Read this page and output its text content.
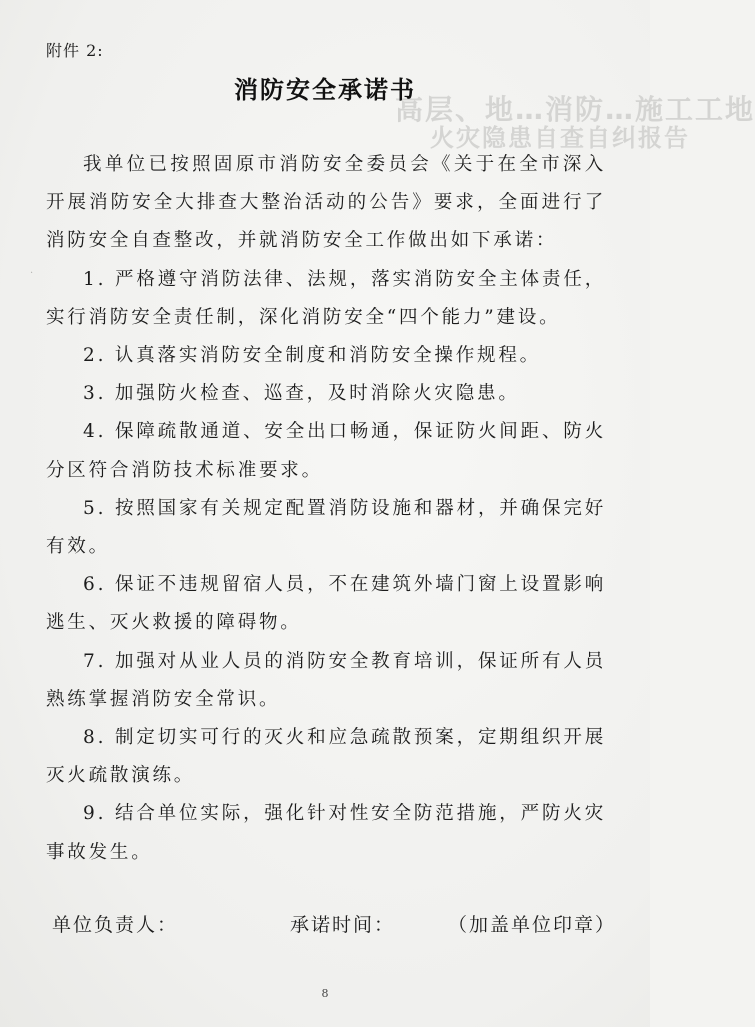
高层、地…消防…施工工地
火灾隐患自查自纠报告
附件 2:
消防安全承诺书

我单位已按照固原市消防安全委员会《关于在全市深入开展消防安全大排查大整治活动的公告》要求，全面进行了消防安全自查整改，并就消防安全工作做出如下承诺：

1. 严格遵守消防法律、法规，落实消防安全主体责任，实行消防安全责任制，深化消防安全“四个能力”建设。

2. 认真落实消防安全制度和消防安全操作规程。

3. 加强防火检查、巡查，及时消除火灾隐患。

4. 保障疏散通道、安全出口畅通，保证防火间距、防火分区符合消防技术标准要求。

5. 按照国家有关规定配置消防设施和器材，并确保完好有效。

6. 保证不违规留宿人员，不在建筑外墙门窗上设置影响逃生、灭火救援的障碍物。

7. 加强对从业人员的消防安全教育培训，保证所有人员熟练掌握消防安全常识。

8. 制定切实可行的灭火和应急疏散预案，定期组织开展灭火疏散演练。

9. 结合单位实际，强化针对性安全防范措施，严防火灾事故发生。

单位负责人：	承诺时间：	（加盖单位印章）
8
·
